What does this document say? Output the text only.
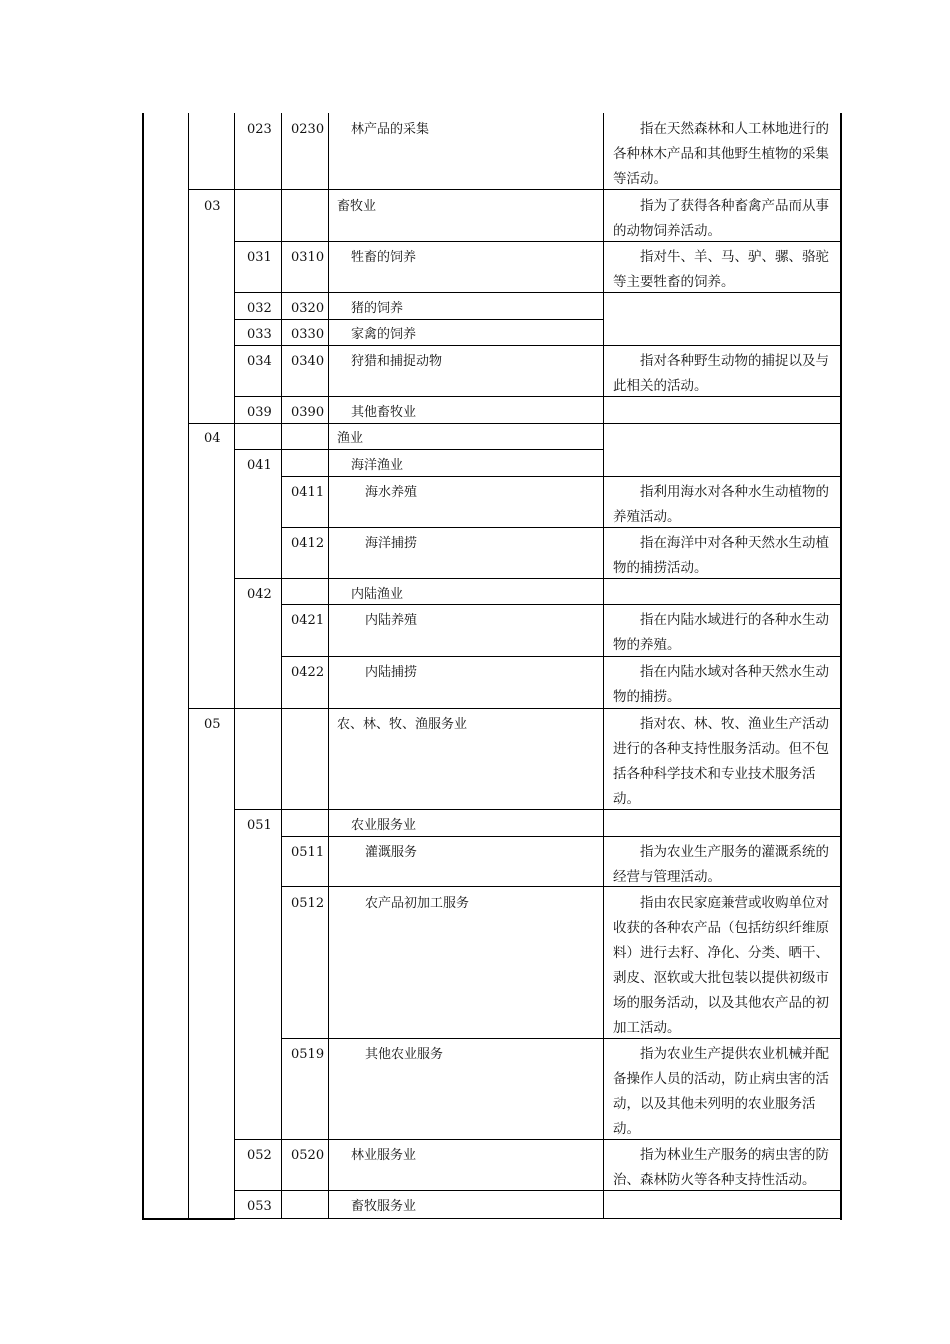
023 0230 林产品的采集	指在天然森林和人工林地进行的各种林木产品和其他野生植物的采集等活动。
03	畜牧业	指为了获得各种畜禽产品而从事的动物饲养活动。
031 0310 牲畜的饲养	指对牛、羊、马、驴、骡、骆驼等主要牲畜的饲养。
032 0320 猪的饲养
033 0330 家禽的饲养
034 0340 狩猎和捕捉动物	指对各种野生动物的捕捉以及与此相关的活动。
039 0390 其他畜牧业
04	渔业
041	海洋渔业
0411	海水养殖	指利用海水对各种水生动植物的养殖活动。
0412	海洋捕捞	指在海洋中对各种天然水生动植物的捕捞活动。
042	内陆渔业
0421	内陆养殖	指在内陆水域进行的各种水生动物的养殖。
0422	内陆捕捞	指在内陆水域对各种天然水生动物的捕捞。
05	农、林、牧、渔服务业	指对农、林、牧、渔业生产活动进行的各种支持性服务活动。但不包括各种科学技术和专业技术服务活动。
051	农业服务业
0511	灌溉服务	指为农业生产服务的灌溉系统的经营与管理活动。
0512	农产品初加工服务	指由农民家庭兼营或收购单位对收获的各种农产品（包括纺织纤维原料）进行去籽、净化、分类、晒干、剥皮、沤软或大批包装以提供初级市场的服务活动，以及其他农产品的初加工活动。
0519	其他农业服务	指为农业生产提供农业机械并配备操作人员的活动，防止病虫害的活动，以及其他未列明的农业服务活动。
052 0520 林业服务业	指为林业生产服务的病虫害的防治、森林防火等各种支持性活动。
053	畜牧服务业
